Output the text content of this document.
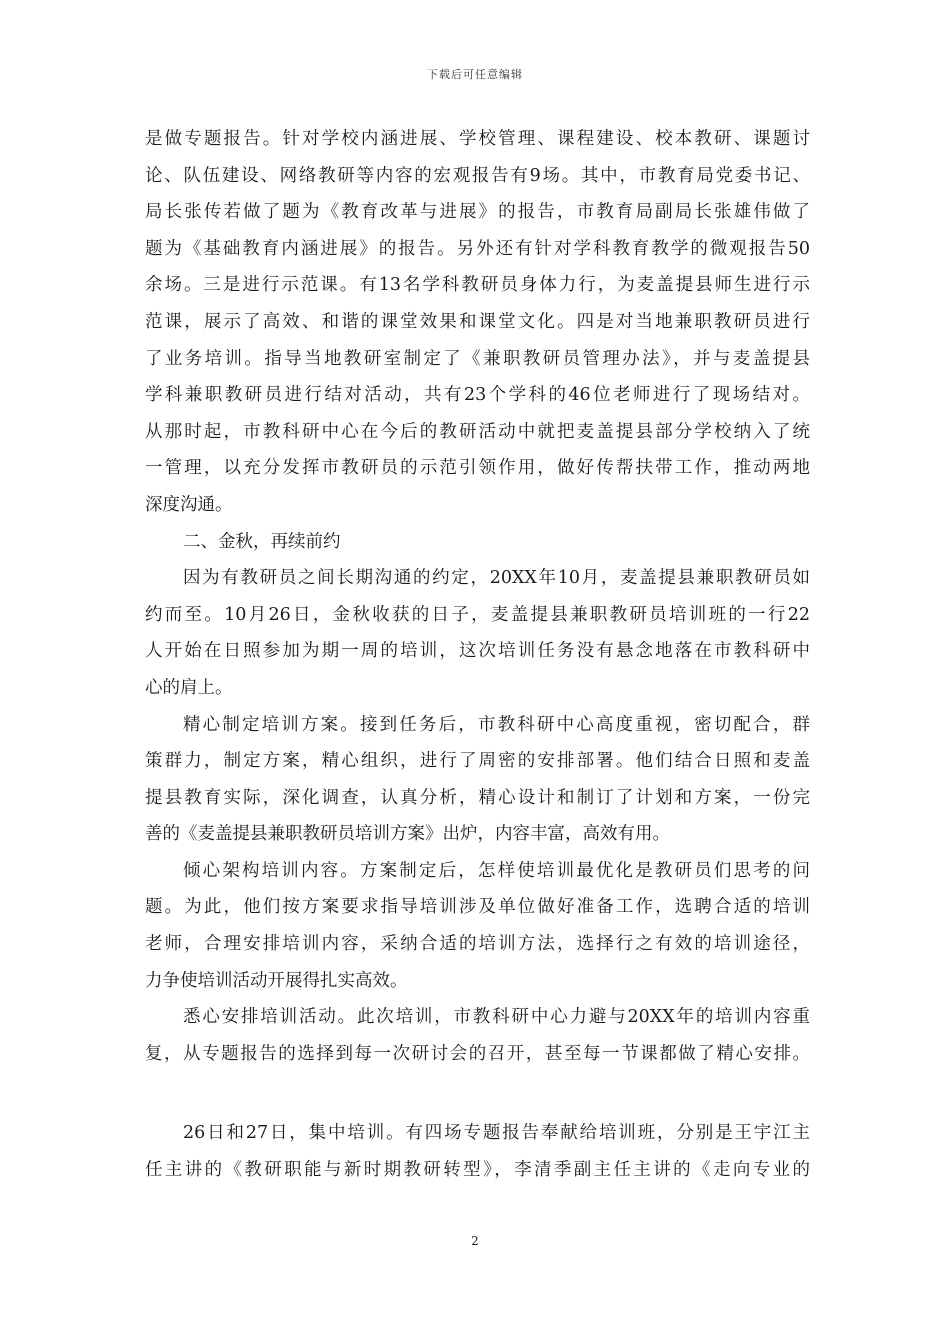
下载后可任意编辑
是做专题报告。针对学校内涵进展、学校管理、课程建设、校本教研、课题讨
论、队伍建设、网络教研等内容的宏观报告有9场。其中，市教育局党委书记、
局长张传若做了题为《教育改革与进展》的报告，市教育局副局长张雄伟做了
题为《基础教育内涵进展》的报告。另外还有针对学科教育教学的微观报告50
余场。三是进行示范课。有13名学科教研员身体力行，为麦盖提县师生进行示
范课，展示了高效、和谐的课堂效果和课堂文化。四是对当地兼职教研员进行
了业务培训。指导当地教研室制定了《兼职教研员管理办法》，并与麦盖提县
学科兼职教研员进行结对活动，共有23个学科的46位老师进行了现场结对。
从那时起，市教科研中心在今后的教研活动中就把麦盖提县部分学校纳入了统
一管理，以充分发挥市教研员的示范引领作用，做好传帮扶带工作，推动两地
深度沟通。
二、金秋，再续前约
因为有教研员之间长期沟通的约定，20XX年10月，麦盖提县兼职教研员如
约而至。10月26日，金秋收获的日子，麦盖提县兼职教研员培训班的一行22
人开始在日照参加为期一周的培训，这次培训任务没有悬念地落在市教科研中
心的肩上。
精心制定培训方案。接到任务后，市教科研中心高度重视，密切配合，群
策群力，制定方案，精心组织，进行了周密的安排部署。他们结合日照和麦盖
提县教育实际，深化调查，认真分析，精心设计和制订了计划和方案，一份完
善的《麦盖提县兼职教研员培训方案》出炉，内容丰富，高效有用。
倾心架构培训内容。方案制定后，怎样使培训最优化是教研员们思考的问
题。为此，他们按方案要求指导培训涉及单位做好准备工作，选聘合适的培训
老师，合理安排培训内容，采纳合适的培训方法，选择行之有效的培训途径，
力争使培训活动开展得扎实高效。
悉心安排培训活动。此次培训，市教科研中心力避与20XX年的培训内容重
复，从专题报告的选择到每一次研讨会的召开，甚至每一节课都做了精心安排。
26日和27日，集中培训。有四场专题报告奉献给培训班，分别是王宇江主
任主讲的《教研职能与新时期教研转型》，李清季副主任主讲的《走向专业的
2
